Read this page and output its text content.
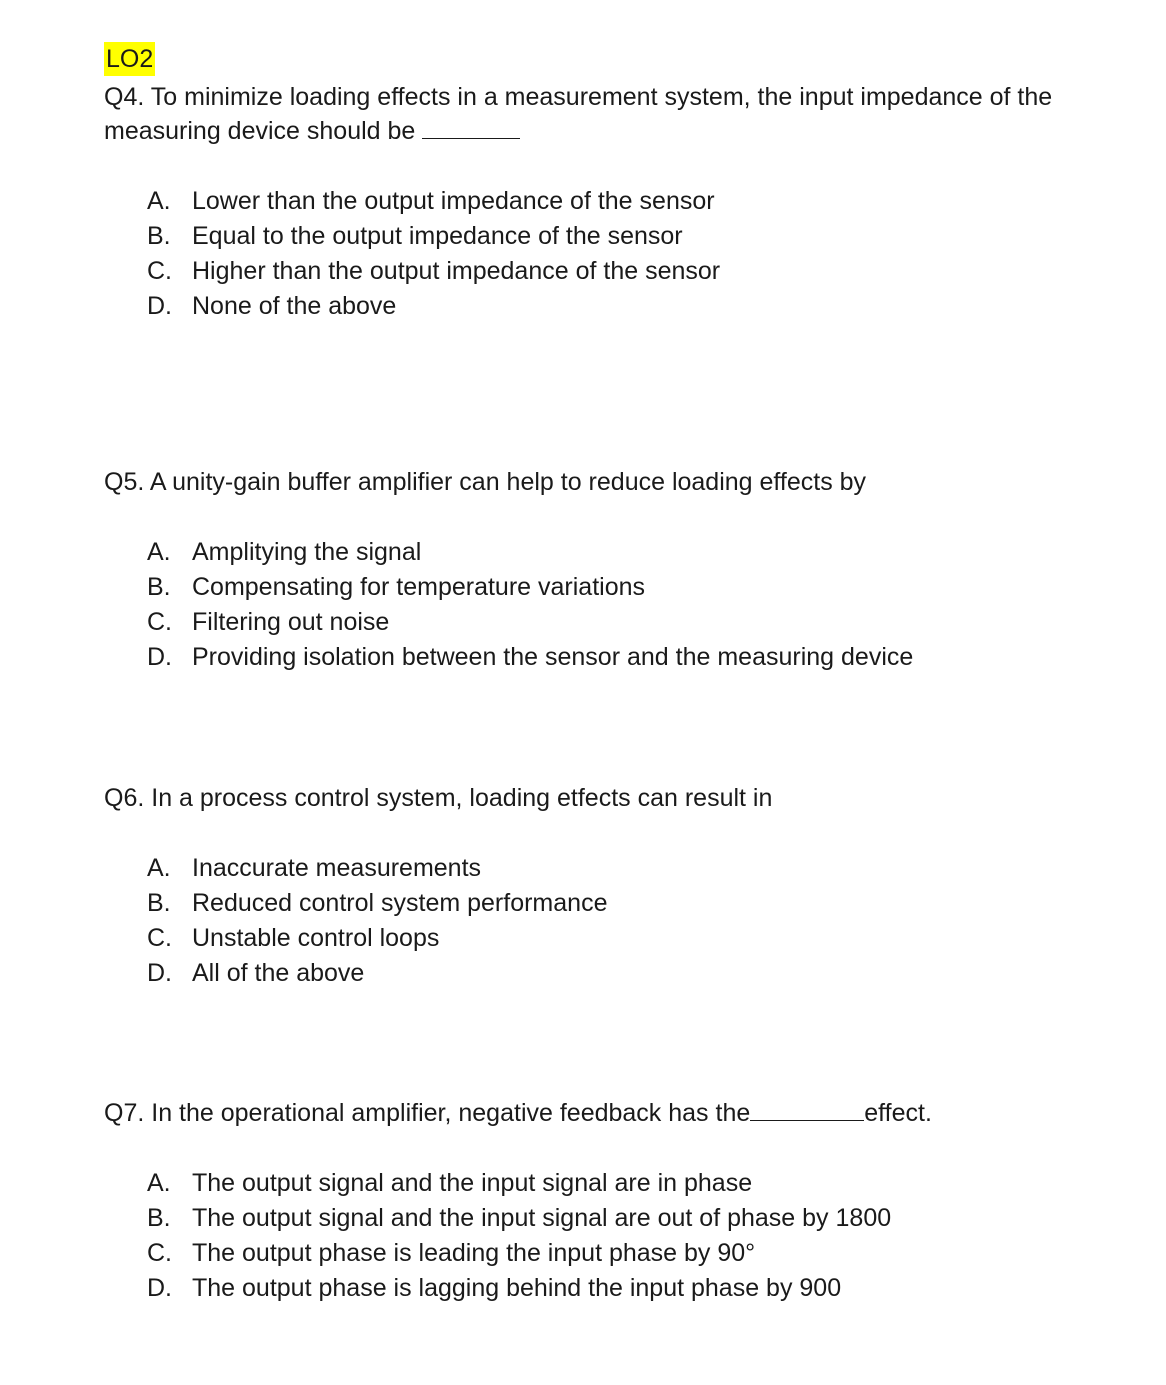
LO2

Q4. To minimize loading effects in a measurement system, the input impedance of the measuring device should be

A. Lower than the output impedance of the sensor
B. Equal to the output impedance of the sensor
C. Higher than the output impedance of the sensor
D. None of the above

Q5. A unity-gain buffer amplifier can help to reduce loading effects by

A. Amplitying the signal
B. Compensating for temperature variations
C. Filtering out noise
D. Providing isolation between the sensor and the measuring device

Q6. In a process control system, loading etfects can result in

A. Inaccurate measurements
B. Reduced control system performance
C. Unstable control loops
D. All of the above

Q7. In the operational amplifier, negative feedback has the	effect.

A. The output signal and the input signal are in phase
B. The output signal and the input signal are out of phase by 1800
C. The output phase is leading the input phase by 90°
D. The output phase is lagging behind the input phase by 900
